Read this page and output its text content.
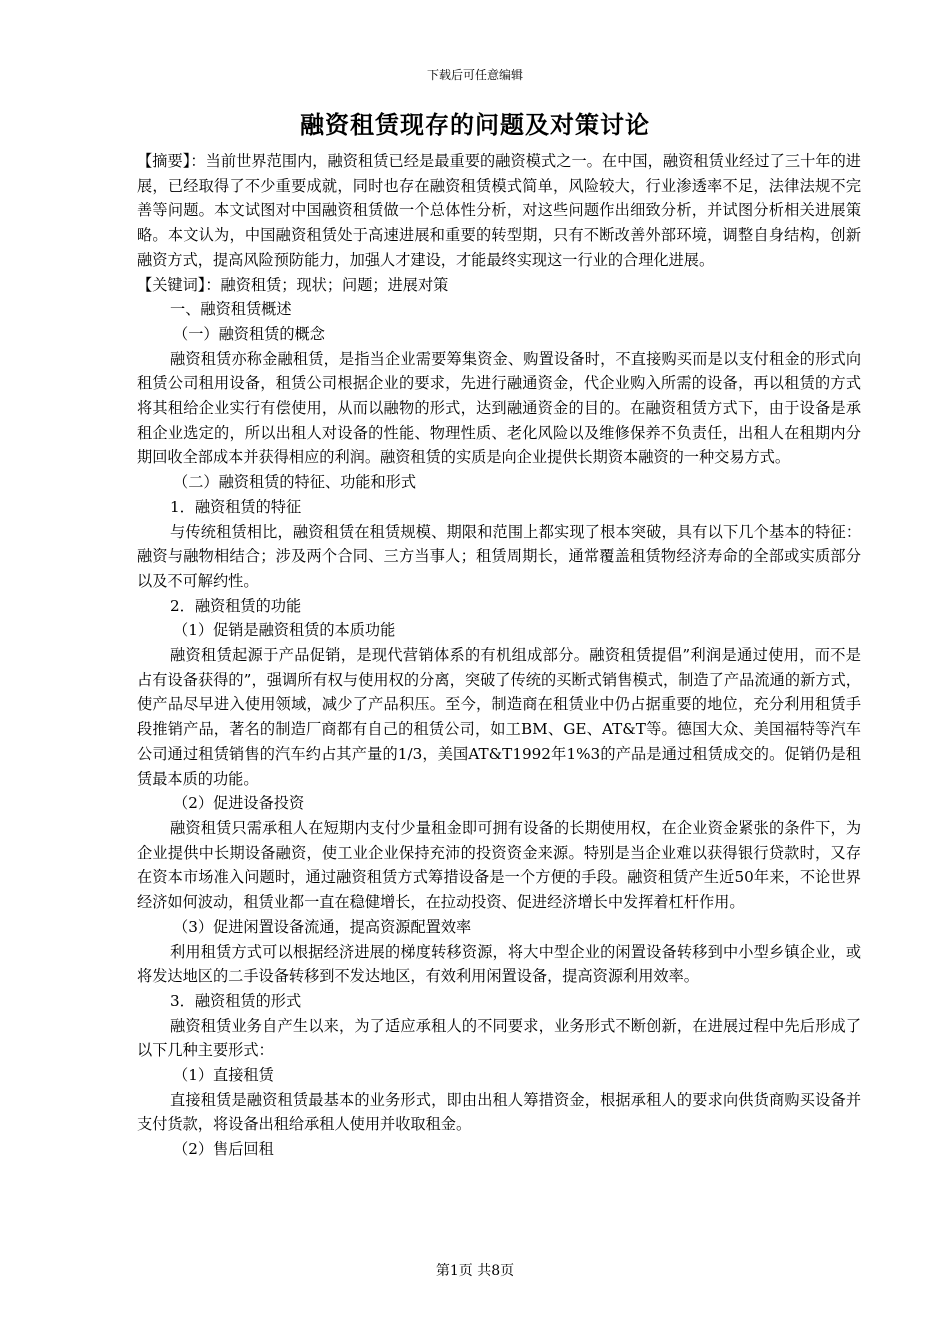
下载后可任意编辑
融资租赁现存的问题及对策讨论

【摘要】：当前世界范围内，融资租赁已经是最重要的融资模式之一。在中国，融资租赁业经过了三十年的进展，已经取得了不少重要成就，同时也存在融资租赁模式简单，风险较大，行业渗透率不足，法律法规不完善等问题。本文试图对中国融资租赁做一个总体性分析，对这些问题作出细致分析，并试图分析相关进展策略。本文认为，中国融资租赁处于高速进展和重要的转型期，只有不断改善外部环境，调整自身结构，创新融资方式，提高风险预防能力，加强人才建设，才能最终实现这一行业的合理化进展。

【关键词】：融资租赁；现状；问题；进展对策

一、融资租赁概述

（一）融资租赁的概念

融资租赁亦称金融租赁，是指当企业需要筹集资金、购置设备时，不直接购买而是以支付租金的形式向租赁公司租用设备，租赁公司根据企业的要求，先进行融通资金，代企业购入所需的设备，再以租赁的方式将其租给企业实行有偿使用，从而以融物的形式，达到融通资金的目的。在融资租赁方式下，由于设备是承租企业选定的，所以出租人对设备的性能、物理性质、老化风险以及维修保养不负责任，出租人在租期内分期回收全部成本并获得相应的利润。融资租赁的实质是向企业提供长期资本融资的一种交易方式。

（二）融资租赁的特征、功能和形式

1．融资租赁的特征

与传统租赁相比，融资租赁在租赁规模、期限和范围上都实现了根本突破，具有以下几个基本的特征：融资与融物相结合；涉及两个合同、三方当事人；租赁周期长，通常覆盖租赁物经济寿命的全部或实质部分以及不可解约性。

2．融资租赁的功能

（1）促销是融资租赁的本质功能

融资租赁起源于产品促销，是现代营销体系的有机组成部分。融资租赁提倡”利润是通过使用，而不是占有设备获得的”，强调所有权与使用权的分离，突破了传统的买断式销售模式，制造了产品流通的新方式，使产品尽早进入使用领域，减少了产品积压。至今，制造商在租赁业中仍占据重要的地位，充分利用租赁手段推销产品，著名的制造厂商都有自己的租赁公司，如工BM、GE、AT&T等。德国大众、美国福特等汽车公司通过租赁销售的汽车约占其产量的1/3，美国AT&T1992年1%3的产品是通过租赁成交的。促销仍是租赁最本质的功能。

（2）促进设备投资

融资租赁只需承租人在短期内支付少量租金即可拥有设备的长期使用权，在企业资金紧张的条件下，为企业提供中长期设备融资，使工业企业保持充沛的投资资金来源。特别是当企业难以获得银行贷款时，又存在资本市场准入问题时，通过融资租赁方式筹措设备是一个方便的手段。融资租赁产生近50年来，不论世界经济如何波动，租赁业都一直在稳健增长，在拉动投资、促进经济增长中发挥着杠杆作用。

（3）促进闲置设备流通，提高资源配置效率

利用租赁方式可以根据经济进展的梯度转移资源，将大中型企业的闲置设备转移到中小型乡镇企业，或将发达地区的二手设备转移到不发达地区，有效利用闲置设备，提高资源利用效率。

3．融资租赁的形式

融资租赁业务自产生以来，为了适应承租人的不同要求，业务形式不断创新，在进展过程中先后形成了以下几种主要形式：

（1）直接租赁

直接租赁是融资租赁最基本的业务形式，即由出租人筹措资金，根据承租人的要求向供货商购买设备并支付货款，将设备出租给承租人使用并收取租金。

（2）售后回租

第1页 共8页
